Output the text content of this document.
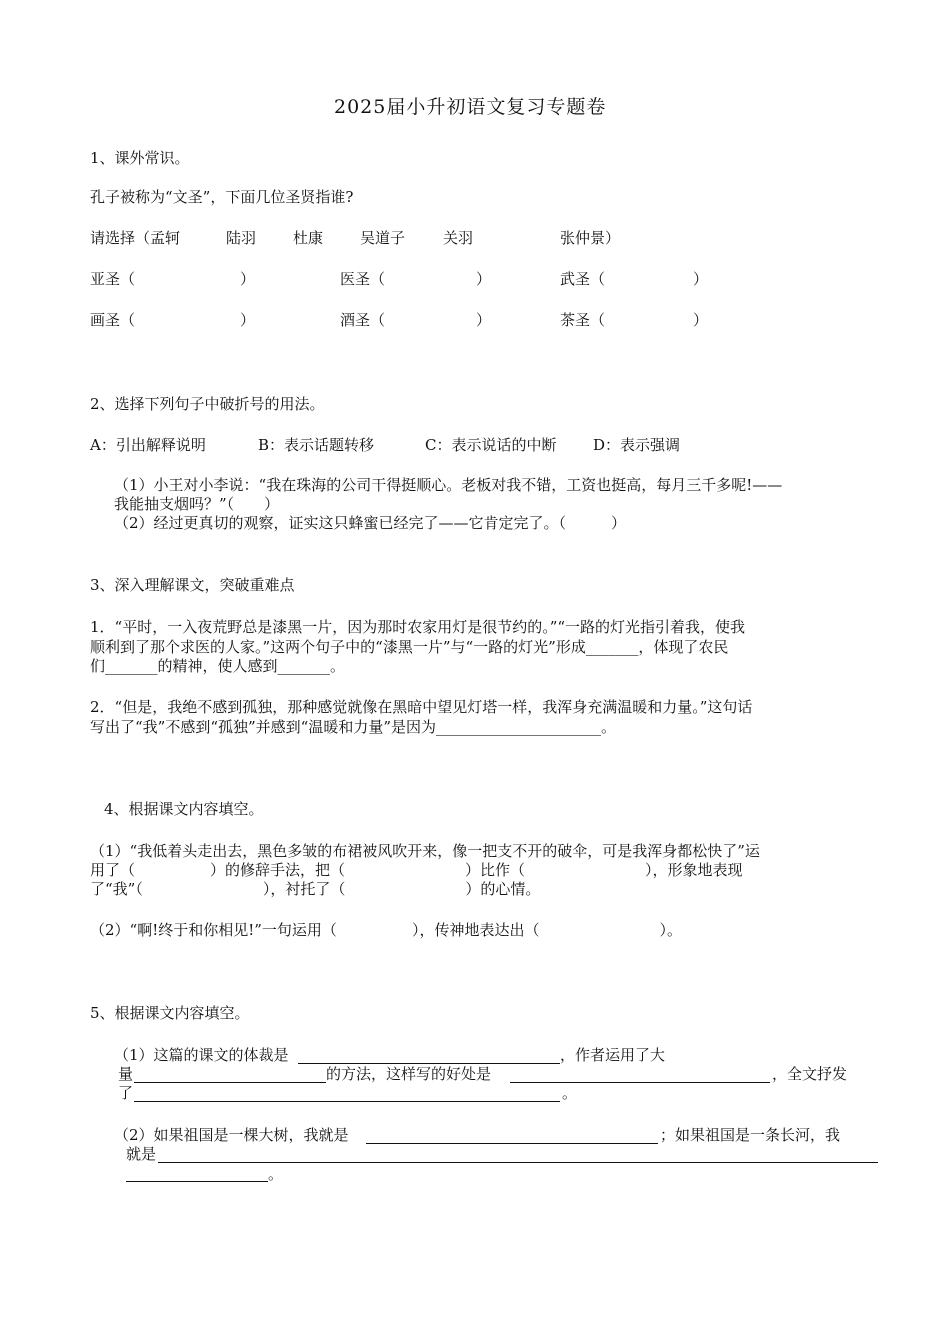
2025届小升初语文复习专题卷
1、课外常识。
孔子被称为“文圣”，下面几位圣贤指谁?
请选择（孟轲	陆羽 杜康 吴道子	关羽	张仲景）
亚圣（	）	医圣（	）	武圣（	）
画圣（	）	酒圣（	）	茶圣（	）
2、选择下列句子中破折号的用法。
A：引出解释说明	B：表示话题转移	C：表示说话的中断 D：表示强调
（1）小王对小李说：“我在珠海的公司干得挺顺心。老板对我不错，工资也挺高，每月三千多呢!——
我能抽支烟吗？”（　　）
（2）经过更真切的观察，证实这只蜂蜜已经完了——它肯定完了。（　　　）
3、深入理解课文，突破重难点
1．“平时，一入夜荒野总是漆黑一片，因为那时农家用灯是很节约的。”“一路的灯光指引着我，使我
顺利到了那个求医的人家。”这两个句子中的“漆黑一片”与“一路的灯光”形成_______，体现了农民
们_______的精神，使人感到_______。
2．“但是，我绝不感到孤独，那种感觉就像在黑暗中望见灯塔一样，我浑身充满温暖和力量。”这句话
写出了“我”不感到“孤独”并感到“温暖和力量”是因为______________________。
4、根据课文内容填空。
（1）“我低着头走出去，黑色多皱的布裙被风吹开来，像一把支不开的破伞，可是我浑身都松快了”运
用了（　　　　　）的修辞手法，把（　　　　　　　　）比作（　　　　　　　　），形象地表现
了“我”（　　　　　　　　），衬托了（　　　　　　　　）的心情。
（2）“啊!终于和你相见!”一句运用（　　　　　），传神地表达出（　　　　　　　　）。
5、根据课文内容填空。
（1）这篇的课文的体裁是	，作者运用了大
量	的方法，这样写的好处是	，全文抒发
了	。
（2）如果祖国是一棵大树，我就是	；如果祖国是一条长河，我
就是
。
